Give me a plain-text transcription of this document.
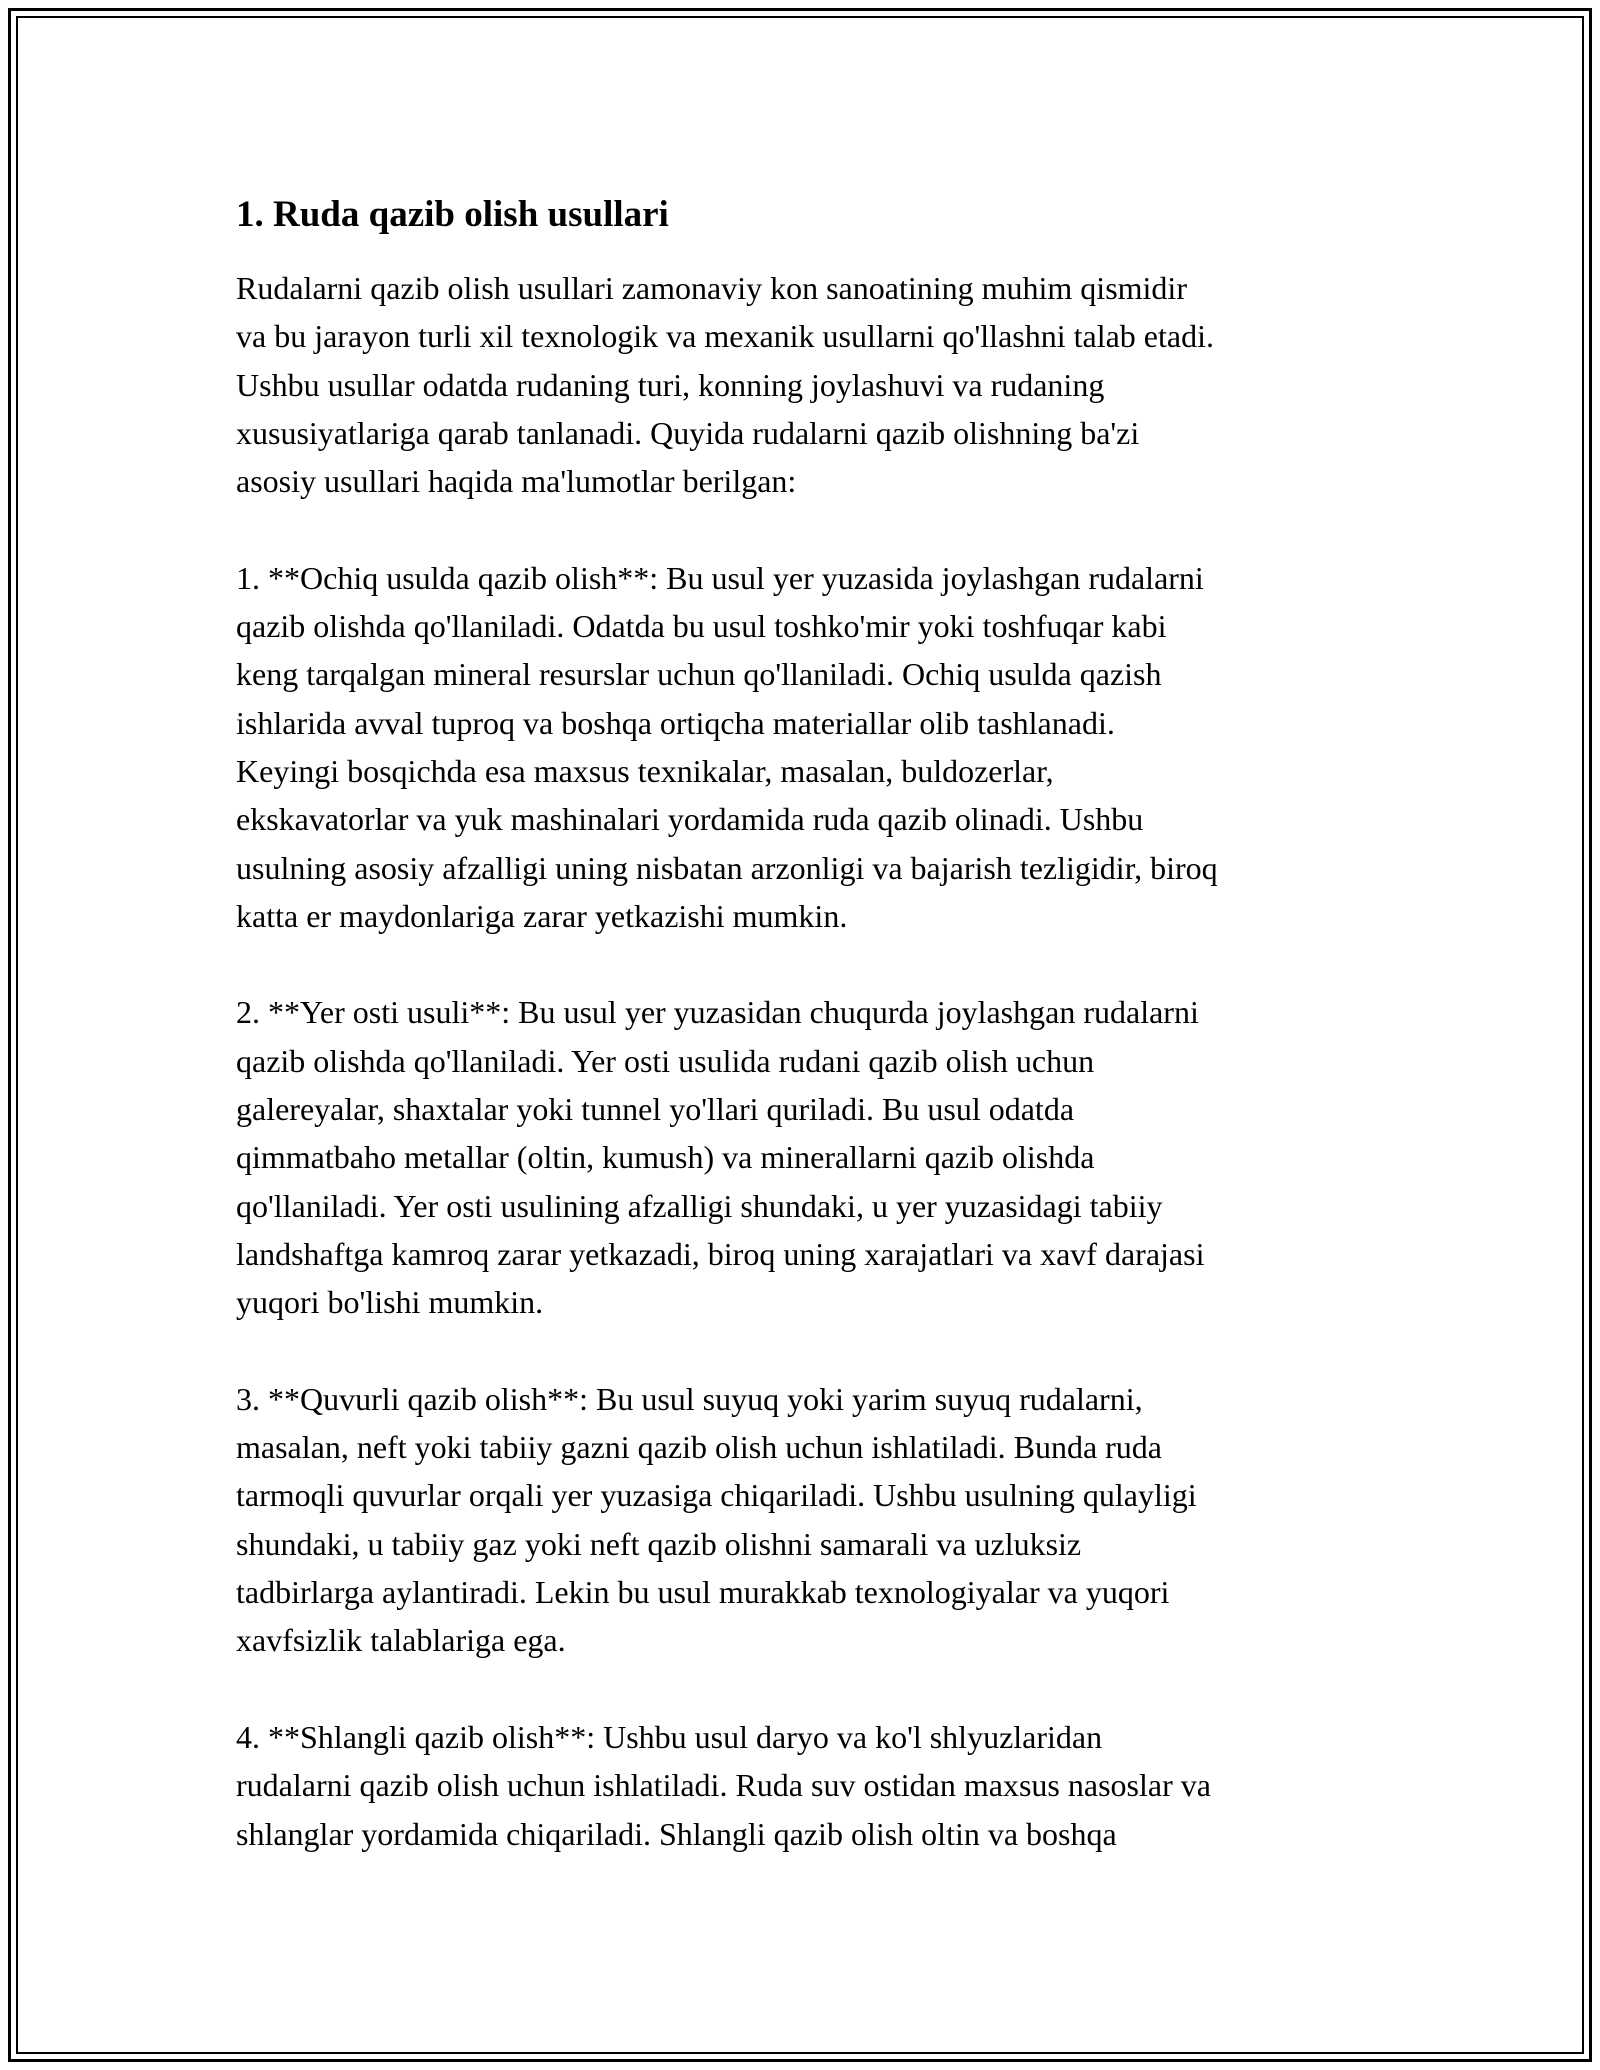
1. Ruda qazib olish usullari
Rudalarni qazib olish usullari zamonaviy kon sanoatining muhim qismidir
va bu jarayon turli xil texnologik va mexanik usullarni qo'llashni talab etadi.
Ushbu usullar odatda rudaning turi, konning joylashuvi va rudaning
xususiyatlariga qarab tanlanadi. Quyida rudalarni qazib olishning ba'zi
asosiy usullari haqida ma'lumotlar berilgan:
1. **Ochiq usulda qazib olish**: Bu usul yer yuzasida joylashgan rudalarni
qazib olishda qo'llaniladi. Odatda bu usul toshko'mir yoki toshfuqar kabi
keng tarqalgan mineral resurslar uchun qo'llaniladi. Ochiq usulda qazish
ishlarida avval tuproq va boshqa ortiqcha materiallar olib tashlanadi.
Keyingi bosqichda esa maxsus texnikalar, masalan, buldozerlar,
ekskavatorlar va yuk mashinalari yordamida ruda qazib olinadi. Ushbu
usulning asosiy afzalligi uning nisbatan arzonligi va bajarish tezligidir, biroq
katta er maydonlariga zarar yetkazishi mumkin.
2. **Yer osti usuli**: Bu usul yer yuzasidan chuqurda joylashgan rudalarni
qazib olishda qo'llaniladi. Yer osti usulida rudani qazib olish uchun
galereyalar, shaxtalar yoki tunnel yo'llari quriladi. Bu usul odatda
qimmatbaho metallar (oltin, kumush) va minerallarni qazib olishda
qo'llaniladi. Yer osti usulining afzalligi shundaki, u yer yuzasidagi tabiiy
landshaftga kamroq zarar yetkazadi, biroq uning xarajatlari va xavf darajasi
yuqori bo'lishi mumkin.
3. **Quvurli qazib olish**: Bu usul suyuq yoki yarim suyuq rudalarni,
masalan, neft yoki tabiiy gazni qazib olish uchun ishlatiladi. Bunda ruda
tarmoqli quvurlar orqali yer yuzasiga chiqariladi. Ushbu usulning qulayligi
shundaki, u tabiiy gaz yoki neft qazib olishni samarali va uzluksiz
tadbirlarga aylantiradi. Lekin bu usul murakkab texnologiyalar va yuqori
xavfsizlik talablariga ega.
4. **Shlangli qazib olish**: Ushbu usul daryo va ko'l shlyuzlaridan
rudalarni qazib olish uchun ishlatiladi. Ruda suv ostidan maxsus nasoslar va
shlanglar yordamida chiqariladi. Shlangli qazib olish oltin va boshqa
